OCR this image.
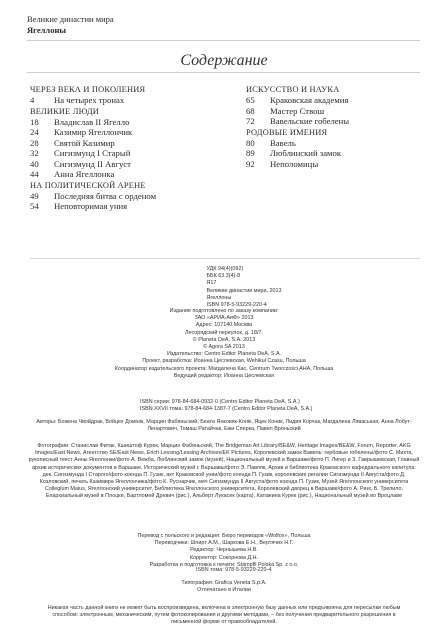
Великие династии мира
Ягеллоны
Содержание
ЧЕРЕЗ ВЕКА И ПОКОЛЕНИЯ
4	На четырех тронах
ВЕЛИКИЕ ЛЮДИ
18	Владислав II Ягелло
24	Казимир Ягеллончик
28	Святой Казимир
32	Сигизмунд I Старый
40	Сигизмунд II Август
44	Анна Ягеллонка
НА ПОЛИТИЧЕСКОЙ АРЕНЕ
49	Последняя битва с орденом
54	Неповторимая уния
ИСКУССТВО И НАУКА
65	Краковская академия
68	Мастер Ствош
72	Вавельские гобелены
РОДОВЫЕ ИМЕНИЯ
80	Вавель
89	Люблинский замок
92	Неполомицы
УДК 94(4)(092)
ББК 63.3(4)-8
Я17
Великие династии мира, 2013
Ягеллоны
ISBN 978-5-93229-220-4
Издание подготовлено по заказу компании:
ЗАО «АРИА-АиФ» 2013
Адрес: 107140 Москва
Лесорядский переулок, д. 18/7.
© Planeta DeA, S.A. 2013
© Agora SA 2013
Издательство: Centro Editor Planeta DeA, S.A.
Проект, разработка: Иоанна Цеслевская, Wehikuł Czasu, Польша
Координатор издательского проекта: Магдалена Кас, Centrum Tworczości AHA, Польша
Ведущий редактор: Иоанна Цеслевская
ISBN серии: 978-84-684-0932-0 (Centro Editor Planeta DeA, S.A.)
ISBN XXVII тома: 978-84-684-1387-7 (Centro Editor Planeta DeA, S.A.)
Авторы: Божена Чвойдрак, Войцех Домінік, Марцин Фабяньский, Беата Янковяк-Конік, Яцек Коник, Лидия Корчак, Магдалена Ляваськая, Анна Лобут-Ленартович, Томаш Ратайчак, Ежи Сперка, Павел Вроньский
Фотографии: Станислав Фитак, Кшиштоф Курек, Марцин Фабяньский, The Bridgeman Art Library/BE&W, Heritage Images/BE&W, Forum, Reporter, AKG Images/East News, Агентство SE/East News, Erich Lessing/Lessing Archives/EK Pictures, Королевский замок Вавель: гербовые гобелены/фото С. Михта, рукописный текст Анны Ягеллонки/фото А. Вежба, Люблинский замок (музей), Национальный музей в Варшаве/фото П. Лигер и З. Гаврышевская, Главный архив исторических документов в Варшаве, Исторический музей г. Варшавы/фото Э. Павляк, Архив и библиотека Краковского кафедрального капитула: дек. Сигизмунда I Старого/фото коенда П. Гузик, акт Краковской унии/фото коенда П. Гузик, королевские регалии Сигизмунда II Августа/фото Д. Козловский, печать Казимира Ягеллончика/фото К. Руснарчик, меч Сигизмунда II Августа/фото коенда П. Гузик, Музей Ягеллонского университета Collegium Maius, Ягеллонский университет, Библиотека Ягеллонского университета, Королевский дворец в Варшаве/фото А. Ринг, Б. Трепило, Епархиальный музей в Плоцке, Бартломей Древич (рис.), Альберт Лукасек (карта), Катажина Курек (рис.), Национальный музей во Вроцлаве
Перевод с польского и редакция: Бюро переводов «Wolfox», Польша
Переводчики: Шпирт А.М., Шаркова Е.Н., Вертячих Н.Г.
Редактор: Чернышева Н.В.
Корректор: Сокорнова Д.Н.
Разработка и подготовка к печати: Stämpfli Polska Sp. z o.o.
ISBN тома: 978-5-93229-220-4
Типография: Grafica Veneta S.p.A.
Отпечатано в Италии
Никакая часть данной книги не может быть воспроизведена, включена в электронную базу данных или предъявлена для пересылки любым способом: электронным, механическим, путем фотокопирования и другими методами, – без получения предварительного разрешения в письменной форме от правообладателей.
